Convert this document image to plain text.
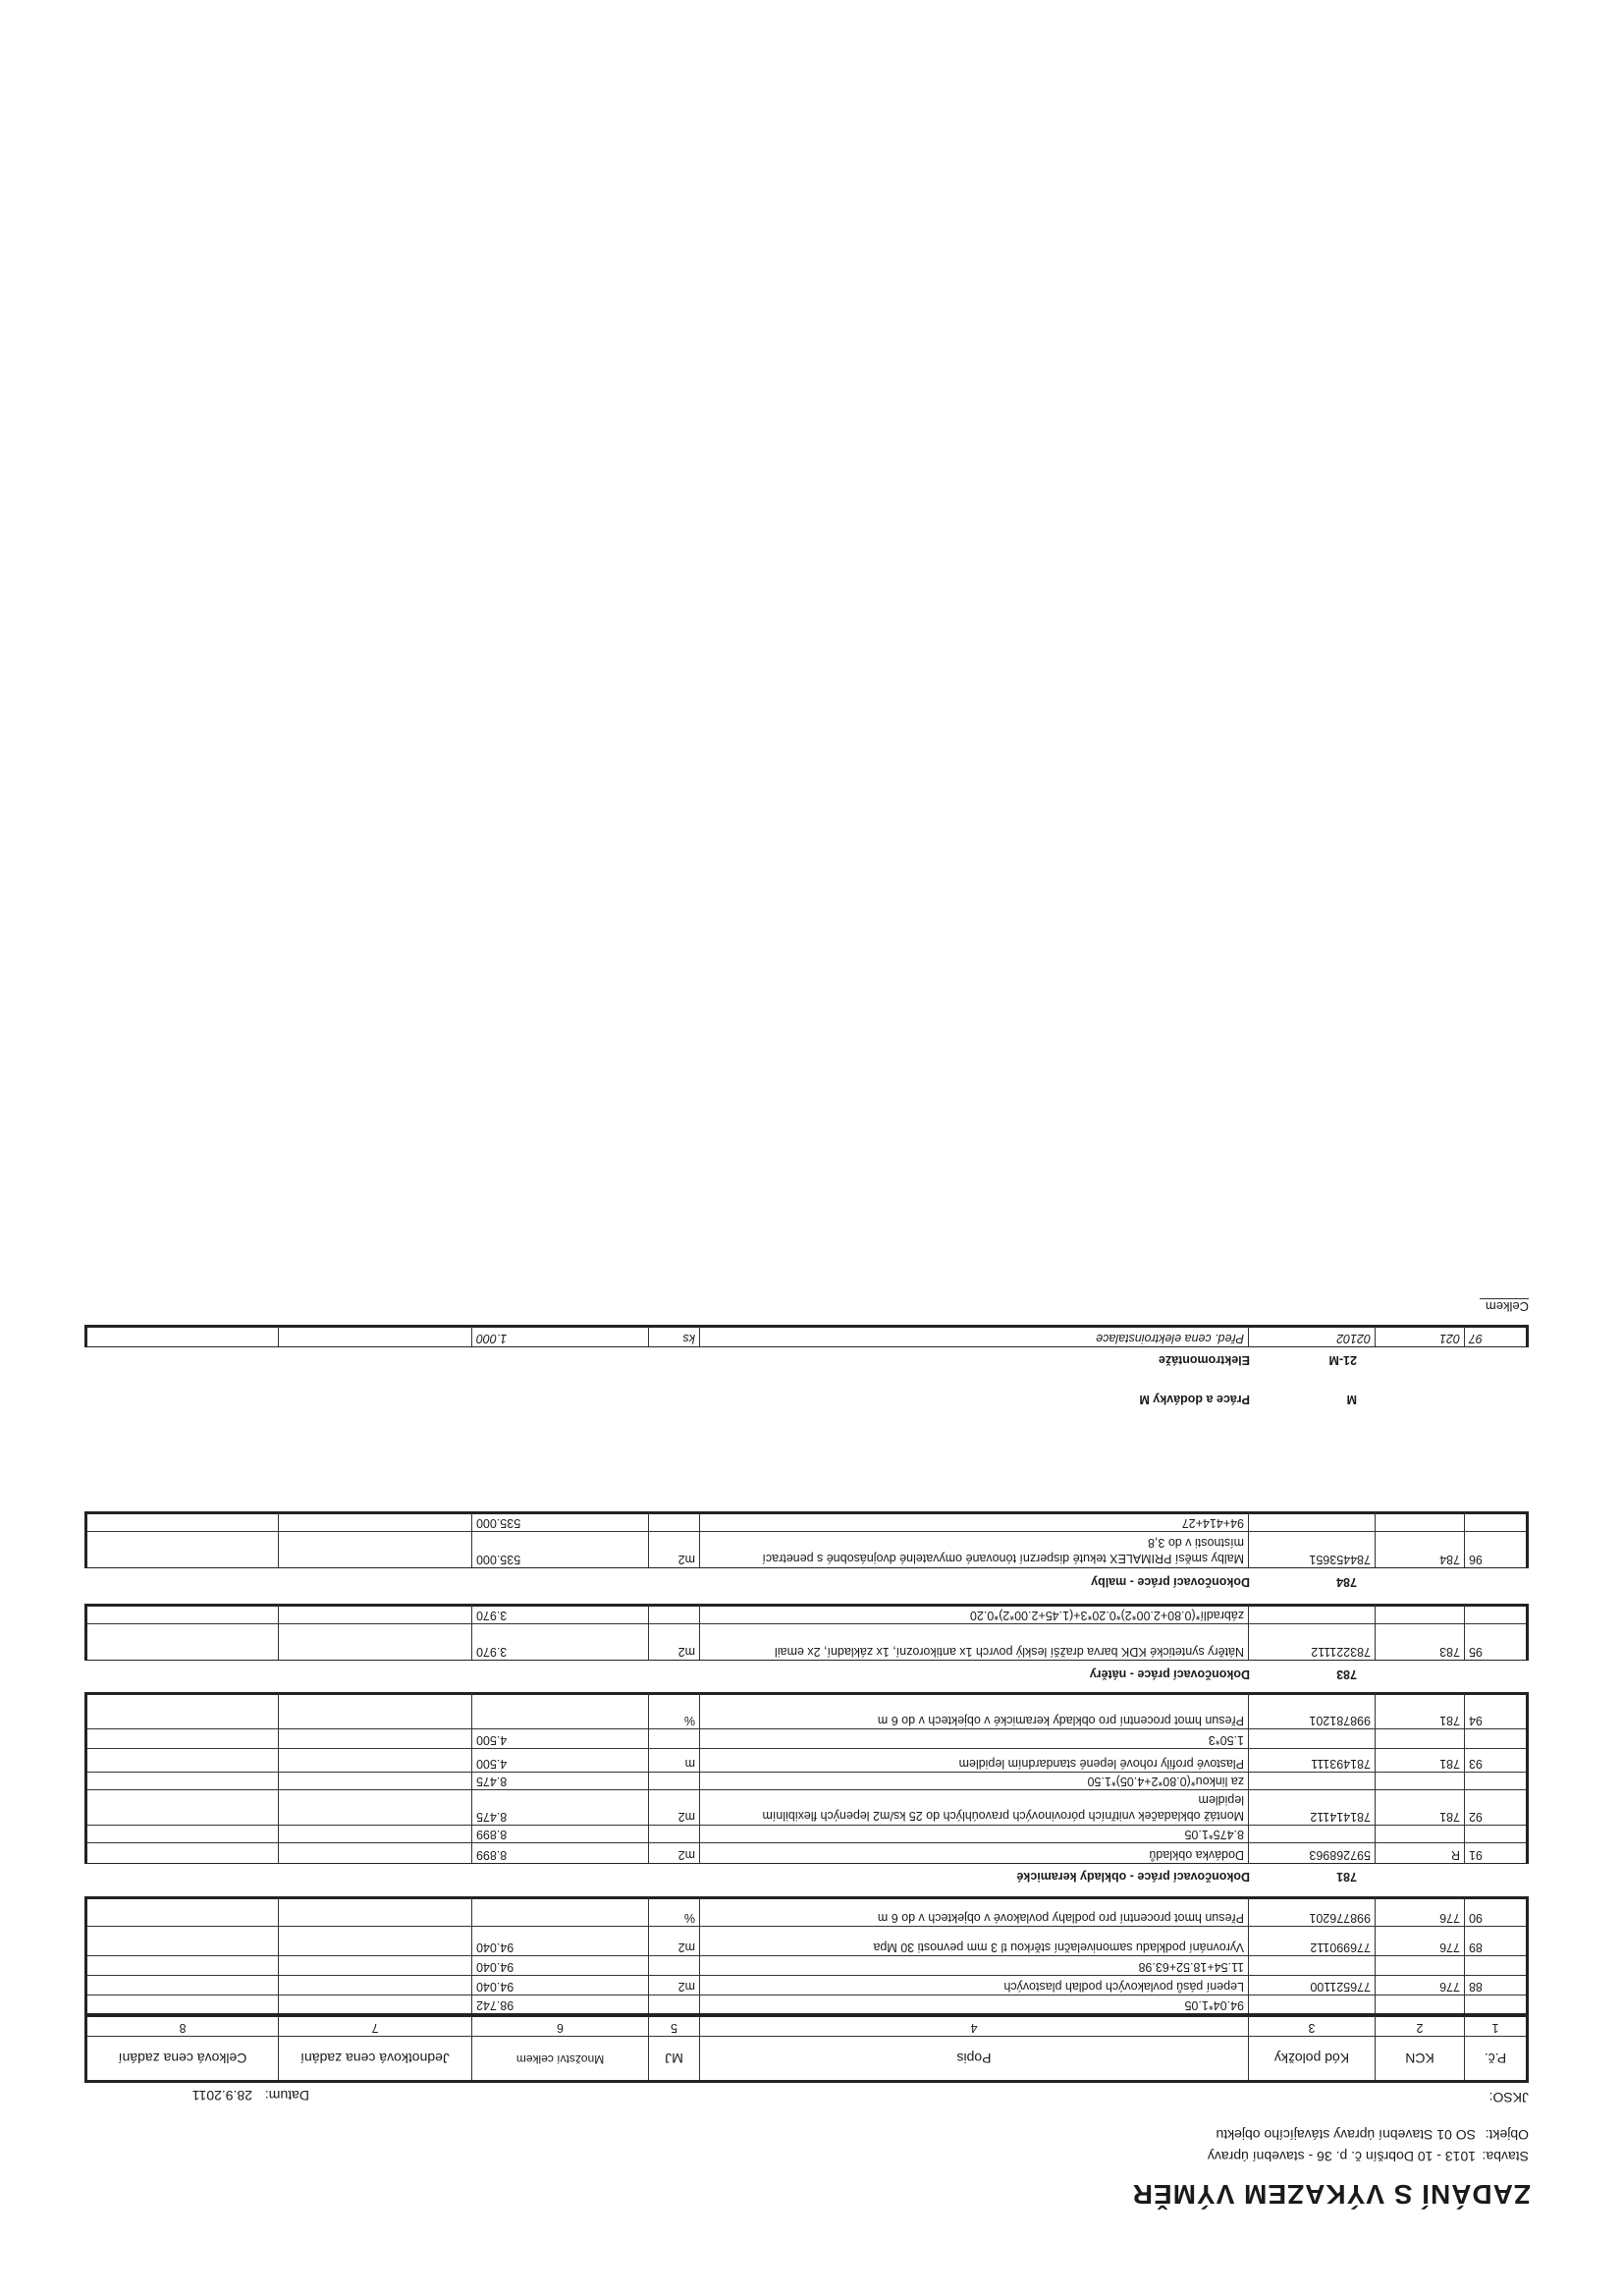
ZADÁNÍ S VÝKAZEM VÝMĚR
Stavba:
1013 - 10 Dobršín č. p. 36 - stavební úpravy
Objekt:
SO 01 Stavební úpravy stávajícího objektu
JKSO:
Datum:
28.9.2011
P.č.
KCN
Kód položky
Popis
MJ
Množství celkem
Jednotková cena zadání
Celková cena zadání
1
2
3
4
5
6
7
8
94.04*1.05
98.742
88
776
776521100
Lepení pásů povlakových podlah plastových
m2
94.040
11.54+18.52+63.98
94.040
89
776
776990112
Vyrovnání podkladu samonivelační stěrkou tl 3 mm pevnosti 30 Mpa
m2
94.040
90
776
998776201
Přesun hmot procentní pro podlahy povlakové v objektech v do 6 m
%
781
Dokončovací práce - obklady keramické
91
R
597268963
Dodávka obkladů
m2
8.899
8.475*1.05
8.899
92
781
781414112
Montáž obkladaček vnitřních pórovinových pravoúhlých do 25 ks/m2 lepených flexibilním
lepidlem
m2
8.475
za linkou*(0.80*2+4.05)*1.50
8.475
93
781
781493111
Plastové profily rohové lepené standardním lepidlem
m
4.500
1.50*3
4.500
94
781
998781201
Přesun hmot procentní pro obklady keramické v objektech v do 6 m
%
783
Dokončovací práce - nátěry
95
783
783221112
Nátěry syntetické KDK barva dražší lesklý povrch 1x antikorozní, 1x základní, 2x email
m2
3.970
zábradlí*(0.80+2.00*2)*0.20*3+(1.45+2.00*2)*0.20
3.970
784
Dokončovací práce - malby
96
784
784453651
Malby směsí PRIMALEX tekuté disperzní tónované omyvatelné dvojnásobné s penetrací
místnosti v do 3,8
m2
535.000
94+414+27
535.000
M
Práce a dodávky M
21-M
Elektromontáže
97
021
02102
Před. cena elektroinstalace
ks
1.000
Celkem
